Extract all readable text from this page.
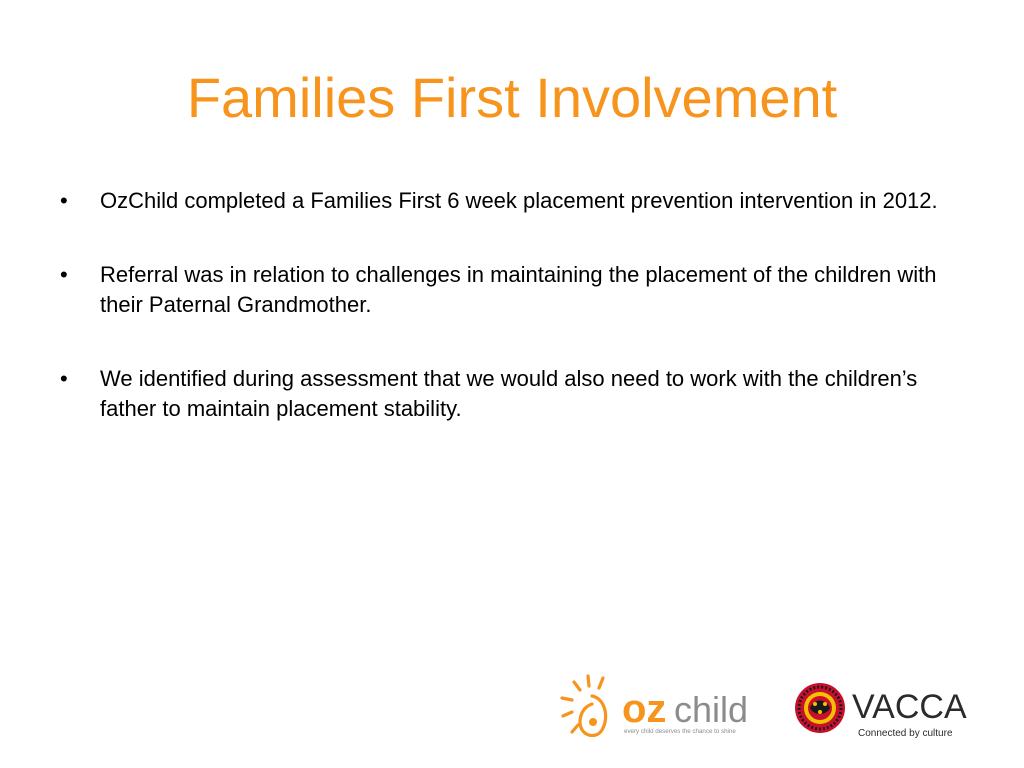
Families First Involvement
•	OzChild completed a Families First 6 week placement prevention intervention in 2012.
•	Referral was in relation to challenges in maintaining the placement of the children with their Paternal Grandmother.
•	We identified during assessment that we would also need to work with the children’s father to maintain placement stability.
oz child
every child deserves the chance to shine
VACCA
Connected by culture
